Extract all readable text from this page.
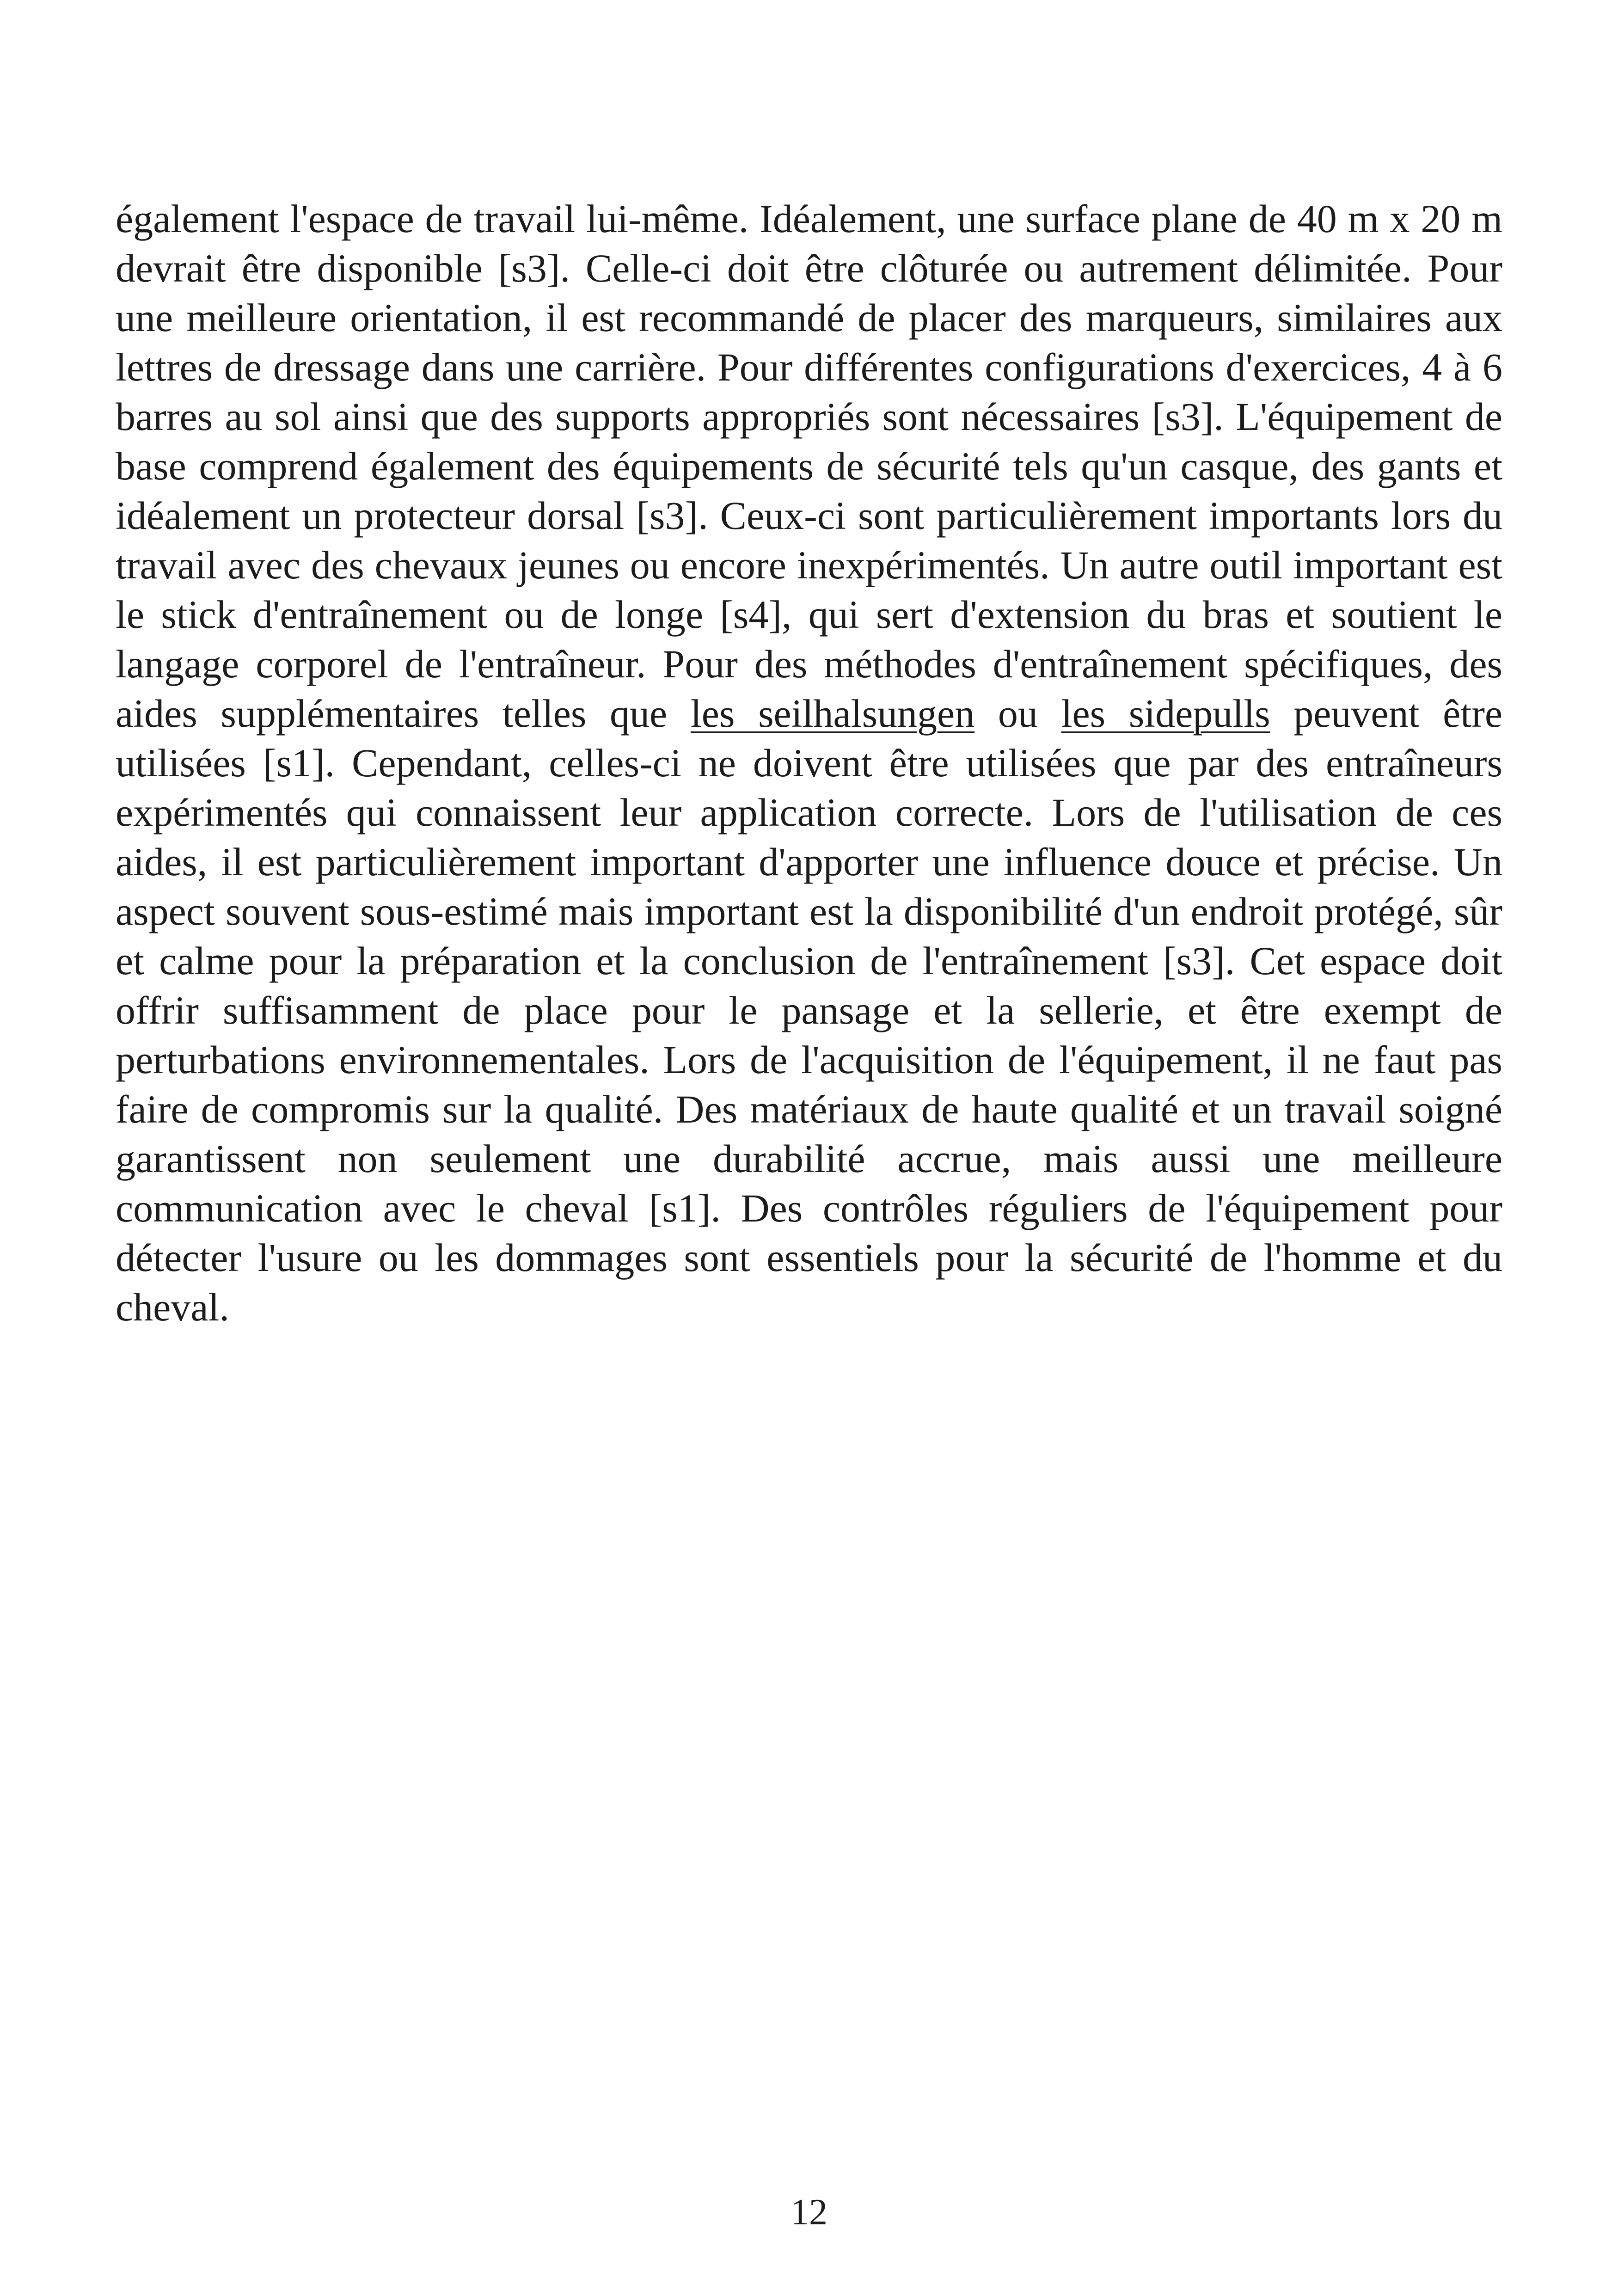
également l'espace de travail lui-même. Idéalement, une surface plane de 40 m x 20 m devrait être disponible [s3]. Celle-ci doit être clôturée ou autrement délimitée. Pour une meilleure orientation, il est recommandé de placer des marqueurs, similaires aux lettres de dressage dans une carrière. Pour différentes configurations d'exercices, 4 à 6 barres au sol ainsi que des supports appropriés sont nécessaires [s3]. L'équipement de base comprend également des équipements de sécurité tels qu'un casque, des gants et idéalement un protecteur dorsal [s3]. Ceux-ci sont particulièrement importants lors du travail avec des chevaux jeunes ou encore inexpérimentés. Un autre outil important est le stick d'entraînement ou de longe [s4], qui sert d'extension du bras et soutient le langage corporel de l'entraîneur. Pour des méthodes d'entraînement spécifiques, des aides supplémentaires telles que les seilhalsungen ou les sidepulls peuvent être utilisées [s1]. Cependant, celles-ci ne doivent être utilisées que par des entraîneurs expérimentés qui connaissent leur application correcte. Lors de l'utilisation de ces aides, il est particulièrement important d'apporter une influence douce et précise. Un aspect souvent sous-estimé mais important est la disponibilité d'un endroit protégé, sûr et calme pour la préparation et la conclusion de l'entraînement [s3]. Cet espace doit offrir suffisamment de place pour le pansage et la sellerie, et être exempt de perturbations environnementales. Lors de l'acquisition de l'équipement, il ne faut pas faire de compromis sur la qualité. Des matériaux de haute qualité et un travail soigné garantissent non seulement une durabilité accrue, mais aussi une meilleure communication avec le cheval [s1]. Des contrôles réguliers de l'équipement pour détecter l'usure ou les dommages sont essentiels pour la sécurité de l'homme et du cheval.

12
